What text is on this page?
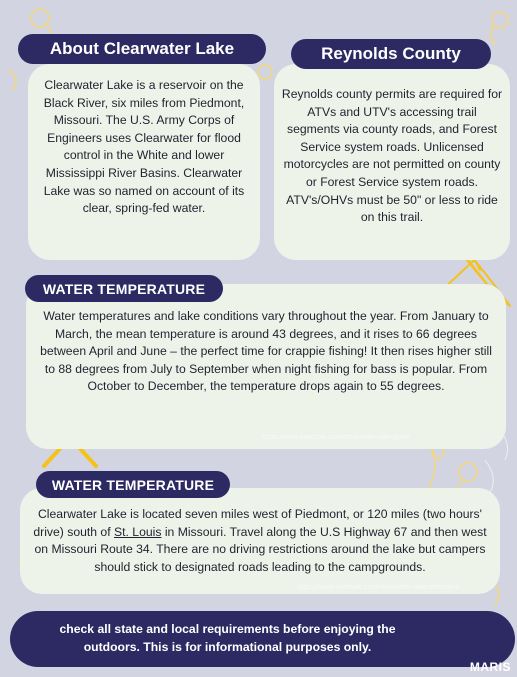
Clearwater Lake is a reservoir on the Black River, six miles from Piedmont, Missouri. The U.S. Army Corps of Engineers uses Clearwater for flood control in the White and lower Mississippi River Basins. Clearwater Lake was so named on account of its clear, spring-fed water.

About Clearwater Lake

Reynolds county permits are required for ATVs and UTV's accessing trail segments via county roads, and Forest Service system roads. Unlicensed motorcycles are not permitted on county or Forest Service system roads. ATV's/OHVs must be 50" or less to ride on this trail.

Reynolds County

Water temperatures and lake conditions vary throughout the year. From January to March, the mean temperature is around 43 degrees, and it rises to 66 degrees between April and June – the perfect time for crappie fishing! It then rises higher still to 88 degrees from July to September when night fishing for bass is popular. From October to December, the temperature drops again to 55 degrees.

WATER TEMPERATURE
https://www.example.com/clearwater-lake-guide

Clearwater Lake is located seven miles west of Piedmont, or 120 miles (two hours' drive) south of St. Louis in Missouri. Travel along the U.S Highway 67 and then west on Missouri Route 34. There are no driving restrictions around the lake but campers should stick to designated roads leading to the campgrounds.

WATER TEMPERATURE
https://www.example.com/clearwater-lake-directions

check all state and local requirements before enjoying the outdoors. This is for informational purposes only.

MARIS
